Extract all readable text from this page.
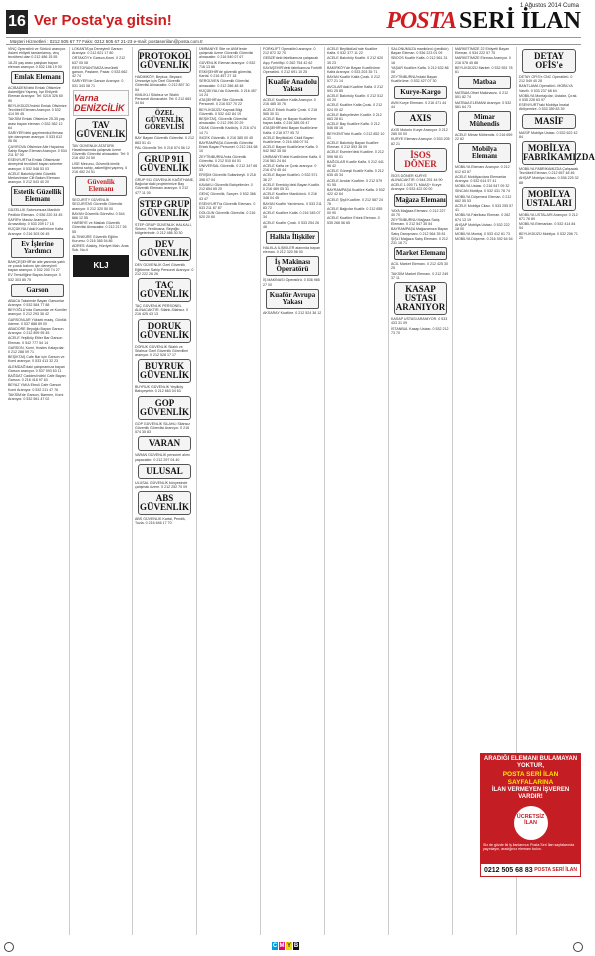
1 Ağustos 2014 Cuma
16 Ver Posta'ya gitsin!	POSTA SERİ İLAN
Müşteri Hizmetleri : 0212 505 67 77 Faks: 0212 505 67 21-23 e-mail: postaseriilan@posta.com.tr
VİNÇ Operatörü ve Sürücü aranıyor. Askeri ehliyeti tamamlamış, vinç tecrübesi olan 0 212 486 15 55
18-25 yaş arası çalışkan bayan eleman aranıyor. 0 532 156 19 00
Emlak Elemanı
ACIBADEM'deki Emlak Ofisimize Askerliğini Yapmış, İşe Ehliyetli Eleman Aranıyor. Tel: 0216 326 60 90
BEYLİKDÜZÜ'ndeki Emlak Ofisimize Tecrübeli Eleman Aranıyor. 0 532 414 59 45
TAKSİM Emlak Ofisimize 25-35 yaş arası bayan eleman. 0 532 362 12 64
SARIYER'deki gayrimenkul firması için danışman aranıyor. 0 533 612 06 06
ÇAYIROVA Ofisimize Aile Hayatına Sahip Bayan Eleman Aranıyor. 0 534 211 67 00
ESENYURT'ta Emlak Ofisimizde deneyimli tecrübeli bayan sekreter aranıyor. 0 532 548 53 03
ACELE Bakırköy'deki Güzellik Merkezimize Cilt Bakım Elemanı aranıyor. 0 212 543 40 20
Estetik Güzellik Elemanı
GÜZELLİK Salonumuza Manikür Pedikür Elemanı. 0 536 220 34 45
SAFİR'e Masöz Aranıyor. Arnavutköy. 0 533 209 17 15
KÜÇÜKYALI'daki Kuaförüme Kalfa Aranıyor. 0 216 303 06 45
Ev İşlerine Yardımcı
BAHÇEŞEHİR'de aile yanında yatılı ve çocuk bakımı için deneyimli bayan aranıyor. 0 532 200 74 27
EV Temizliğine Bayan Aranıyor. 0 532 303 85 75
Garson
ABACA Taksimde Bayan Garsonlar Aranıyor. 0 532 584 77 88
BEYOĞLU'nda Garsonlar ve Komiler aranıyor. 0 212 293 36 42
GARSONLAR Yüksek maaş, Günlük ödeme. 0 537 888 89 00
ABADORE Beyoğlu Bayan Garson Aranıyor. 0 212 899 95 45
ACELE Yeşilköy Etiler Bar Garson Eleman. 0 542 777 54 14
GARSON, Komi, Hostes Kalaycılar. 0 212 288 09 71
BEŞİKTAŞ Cafe Bar için Garson ve Komi aranıyor. 0 533 413 32 23
ALEMDAĞ'daki çalışmamıza bayan Garson aranıyor. 0 537 593 63 11
BAĞDAT Caddesi'ndeki Cafe Bayan Garson. 0 216 418 97 63
BEYAZ YAKA Ebruli Cafe Garson Komi Aranıyor. 0 532 211 47 76
TAKSİM'de Garson, Barmen, Komi Aranıyor. 0 532 561 47 02
LOKANTA'ya Deneyimli Garson Aranıyor. 0 212 621 17 80
ORTAKÖY'e Garson-Komi. 0 212 637 05 08
RESTORANTIMIZA tecrübeli garson, Pastane, Pazar. 0 533 662 42 74
SARIYER'de Garson Aranıyor. 0 531 343 08 71
Varna DENİZCİLİK
TAV GÜVENLİK
TAV GÜVENLİK ATATÜRK Havalimanında çalışmak üzere Güvenlik Görevlisi alınacaktır. Tel: 0 216 452 24 50
LİSE Mezunu, Güvenlik kimlik kartına sahip, askerliğini yapmış. 0 216 452 24 51
Güvenlik Elemanı
SECURİTY GÜVENLİK SECURITAS Güvenlik Görevlisi aranıyor. 0 212 320 50 00
BAYAN Güvenlik Görevlisi. 0 544 666 12 55
HARBİYE ve Maslak Güvenlik Görevlisi Alınacaktır. 0 212 217 26 55
ALTINKÜRE Güvenlik Eğitim Kurumu. 0 216 365 54 86
ADRES: Ataköy, Hürriyet Mah. Aras Sok. No:4
KLJ
PROTOKOL GÜVENLİK
HADIMKÖY, Beykoz, Beyazıt, Ümraniye için Özel Güvenlik Görevlisi Alınacaktır. 0 212 857 30 54
KİMLİKLİ Silahsız ve Silahlı Personel Alınacaktır. Tel: 0 212 663 34 64
ÖZEL GÜVENLİK GÖREVLİSİ
BAY Bayan Güvenlik Görevlisi. 0 212 863 51 41
PAL Güvenlik Tel: 0 216 574 56 12
GRUP 911 GÜVENLİK
GRUP 911 GÜVENLİK KAĞITHANE, Bağcılar'daki projelerimize Bay Güvenlik Elemanı aranıyor. 0 212 477 11 00
STEP GRUP GÜVENLİK
STEP GRUP GÜVENLİK HALKALI, Sirkeci, Yenibosna, Beyoğlu bölgelerinde. 0 212 486 30 30
DEV GÜVENLİK
DEV GÜVENLİK Özel Güvenlik Eğitimine Sahip Personel Aranıyor. 0 212 222 26 26
TAÇ GÜVENLİK
TAÇ GÜVENLİK PERSONEL ALINACAKTIR. Silahlı-Silahsız. 0 216 425 43 13
DORUK GÜVENLİK
DORUK GÜVENLİK Silahlı ve Silahsız Özel Güvenlik Görevlileri aranıyor. 0 212 528 17 17
BUYRUK GÜVENLİK
BUYRUK GÜVENLİK Yeşilköy Bahçeşehir. 0 212 663 04 63
GOP GÜVENLİK
GOP GÜVENLİK SİLAHLI Silahsız Güvenlik Görevlisi Aranıyor. 0 216 574 35 83
VARAN
VARAN GÜVENLİK personel alımı yapacaktır. 0 212 297 04 40
ULUSAL
ULUSAL GÜVENLİK bünyesinde çalışmak üzere. 0 212 252 70 09
ABS GÜVENLİK
ABS GÜVENLİK Kartal, Pendik, Tuzla. 0 216 646 17 70
ÜMRANİYE Site ve AVM'lerde çalışmak üzere Güvenlik Görevlisi alınacaktır. 0 216 540 07 67
GÜVENLİK Eleman aranıyor. 0 532 716 13 86
ESKİŞEHİR'de güvenlik görevlisi, Kartal. 0 216 457 27 18
SERGÜVEN Güvenlik Görevlisi alınacaktır. 0 212 286 48 48
KÜÇÜKYALI'da Güvenlik. 0 216 457 14 24
ATAŞEHİR'de Site Güvenlik Personeli. 0 216 537 70 22
BEYLİKDÜZÜ Kaynak Bilgi Güvenlik. 0 532 442 84 19
BEŞİKTAŞ, Güvenlik Görevlisi alınacaktır. 0 212 296 20 29
ODAK Güvenlik Kadıköy. 0 216 474 14 71
İNCEK Güvenlik. 0 216 385 00 45
BAYRAMPAŞA Güvenlik Görevlisi Erkek Bayan Personel. 0 212 244 68 10
ZEYTİNBURNU'nda Güvenlik Görevlisi. 0 212 510 64 51
ÜNİVERSAL Güvenlik. 0 212 347 66 33
ERİŞİM Güvenlik Sultanbeyli. 0 216 398 07 04
KAVAKLI Güvenlik Bahçelievler. 0 212 654 65 20
GENÇ Güvenlik, Sarıyer. 0 532 366 43 47
ESENYURT'ta Güvenlik Elemanı. 0 533 211 87 87
DOLGUN Güvenlik Görevlisi. 0 216 520 20 60
FORKLİFT Operatörü aranıyor. 0 212 872 32 70
GEBZE'deki fabrikamıza çalışacak Aşçı Forkliftçi. 0 262 754 42 62
KAYAŞEHİR'deki fabrikamıza Forklift Operatörü. 0 212 691 10 25
Kuaför Anadolu Yakası
ACELE Kuaföre Kalfa Aranıyor. 0 216 485 30 76
ACELE Erkek Kuaför Çırak. 0 216 565 30 31
ACELE Bay ve Bayan Kuaförüme bayan kalfa. 0 216 385 05 47
ATAŞEHİR'deki Bayan Kuaförüme Kalfa. 0 216 577 95 72
ACELE Beylikdüzü Ciddi Bayan Kuaförüme. 0 216 456 07 51
ACELE Bayan Kuaförüme Kalfa. 0 542 562 35 06
ÜMRANİYE'deki Kuaförüme Kalfa. 0 216 561 24 84
ACELE Kalfa ve Çırak aranıyor. 0 216 474 45 44
ACELE Bayan Kuaförü. 0 532 571 36 27
ACELE Erenköy'deki Bayan Kuaför. 0 216 469 05 31
ACELE Kuaföre Manikürcü. 0 216 348 04 45
BAYAN Kuaför Yardımcısı. 0 533 211 83 72
ACELE Kuaföre Kalfa. 0 216 345 07 34
ACELE Kuaför Çırak. 0 533 254 26 46
Halkla İlişkiler
HALKLA İLİŞKİLER alanında bayan eleman. 0 212 320 56 00
İş Makinası Operatörü
İŞ MAKİNASI Operatörü. 0 536 985 27 00
Kuaför Avrupa Yakası
AKSARAY Kuaföre. 0 212 524 36 12
ACELE Beylikdüzü'nde Kuaföre Kalfa. 0 532 377 11 22
ACELE Bakırköy Kuaför. 0 212 620 35 23
BAKIRKÖY'de Bayan Kuaförüme Kalfa Aranıyor. 0 533 203 35 71
BAYAN Kuaför Kalfa Çırak. 0 212 577 21 14
AVCILAR'daki Kuaföre Kalfa. 0 212 591 25 85
ACELE Bakırköy Kuaför. 0 212 512 00 20
ACELE Kuaföre Kalfa Çırak. 0 212 524 00 42
ACELE Bahçelievler Kuaför. 0 212 663 28 61
ACELE Bay Kuaföre Kalfa. 0 212 546 08 16
BEYKENT'teki Kuaför. 0 212 852 10 01
ACELE Bakırköy Bayan Kuaföre Eleman. 0 212 593 38 09
ACELE Esenler'deki Kuaföre. 0 212 596 98 01
BAĞCILAR Kuaför Kalfa. 0 212 441 96 42
ACELE Güneşli Kuaför Kalfa. 0 212 635 45 34
ACELE Avcılar Kuaföre. 0 212 579 91 55
BAYRAMPAŞA Kuaföre Kalfa. 0 532 422 42 64
ACELE Şişli Kuaföre. 0 212 587 24 78
ACELE Bağcılar Kuaför. 0 212 655 00 90
ACELE Kuaföre Erkek Eleman. 0 535 266 56 65
SALONUMUZA manikürcü (pedikür) Bayan Eleman. 0 536 223 01 09
SBOOS Kuaför Kalfa. 0 212 561 31 16
YAŞAR Kuaföre Kalfa. 0 212 632 86 06
ZEYTİNBURNU'ndaki Bayan Kuaförüme. 0 532 427 07 30
Kurye-Kargo
AVM Kurye Elemanı. 0 216 471 44 44
AXIS
AXIS Motorlu Kurye Aranıyor. 0 212 285 00 00
KURYE Elemanı Aranıyor. 0 533 205 82 21
İSOS DÖNER
İSOS DÖNER KURYE ALINACAKTIR. 0 544 251 44 90
ACELE 1.000 TL MAAŞ+ Kurye Aranıyor. 0 533 422 00 00
Mağaza Elemanı
YAYA Mağaza Elemanı. 0 212 227 40 70
ZEYTİNBURNU Mağaza Satış Elemanı. 0 212 547 35 54
BAYRAMPAŞA Mağazamıza Bayan Satış Danışmanı. 0 212 564 35 81
ŞİŞLİ Mağaza Satış Elemanı. 0 212 231 18 71
Market Elemanı
ACİL Market Elemanı. 0 212 425 30 25
TAKSİM Market Elemanı. 0 212 249 37 11
KASAP USTASI ARANIYOR
KASAP USTASI ARANIYOR. 0 533 433 31 09
İSTANBUL Kasap Ustası. 0 532 212 73 70
MARKETİMİZE 22 Ehliyetli Bayan Eleman. 0 534 222 57 75
MARKETİMİZE Eleman Aranıyor. 0 216 578 45 88
BEYLİKDÜZÜ Market. 0 532 551 78 61
Matbaa
MATBAA Ofset Makinacısı. 0 212 501 82 74
MATBAA ELEMANI Aranıyor. 0 532 561 64 73
Mimar Mühendis
ACELE Mimar Mühendis. 0 216 659 22 62
Mobilya Elemanı
MOBİLYA Elemanı Aranıyor. 0 212 612 63 87
ACELE Mobilyacılara Elemanlar Aranıyor. 0 532 614 57 41
MOBİLYA Ustası. 0 216 547 09 32
SİNCAN Mobilya. 0 532 431 78 74
MOBİLYA Döşemeci Eleman. 0 212 662 55 53
ACELE Mobilya Cilacı. 0 533 255 57 41
MOBİLYA Fabrikası Eleman. 0 262 674 13 19
AHŞAP Mobilya Ustası. 0 532 222 18 00
MOBİLYA Montaj. 0 533 412 61 73
MOBİLYA Döşeme. 0 216 392 64 54
DETAY OFİS'e
DETAY OFİS'e CNC Operatörü. 0 212 549 40 28
BANTLAMA Operatörü. MOBİLYA Vasıflı. 0 533 237 68 64
MOBİLYA Montajcılar, Ustalar, Çırak. 0 535 226 63 97
ESENYURT'taki Mobilya İmalat Atölyemize. 0 533 359 83 39
MASİF
MASİF Mobilya Ustası. 0 532 622 42 84
MOBİLYA FABRİKAMIZDA
MOBİLYA FABRİKAMIZDA Çalışacak Tecrübeli Eleman. 0 212 657 48 46
AHŞAP Mobilya Ustası. 0 536 225 32 88
MOBİLYA USTALARI
MOBİLYA USTALARI Aranıyor. 0 212 671 76 89
MOBİLYA Elemanları. 0 532 414 84 54
BEYLİKDÜZÜ Mobilya. 0 532 256 71 20
ARADIĞI ELEMANI BULAMAYAN YOKTUR,
POSTA SERİ İLAN SAYFALARINA
İLAN VERMEYEN İŞVEREN VARDIR!
ÜCRETSİZ İLAN
Siz de gözde iki iş ilanlarınızı Posta Seri İlan sayfalarında yayınlayın, aradığınız elemanı bulun.
0212 505 68 83 POSTA SERİ İLAN
C M Y B
